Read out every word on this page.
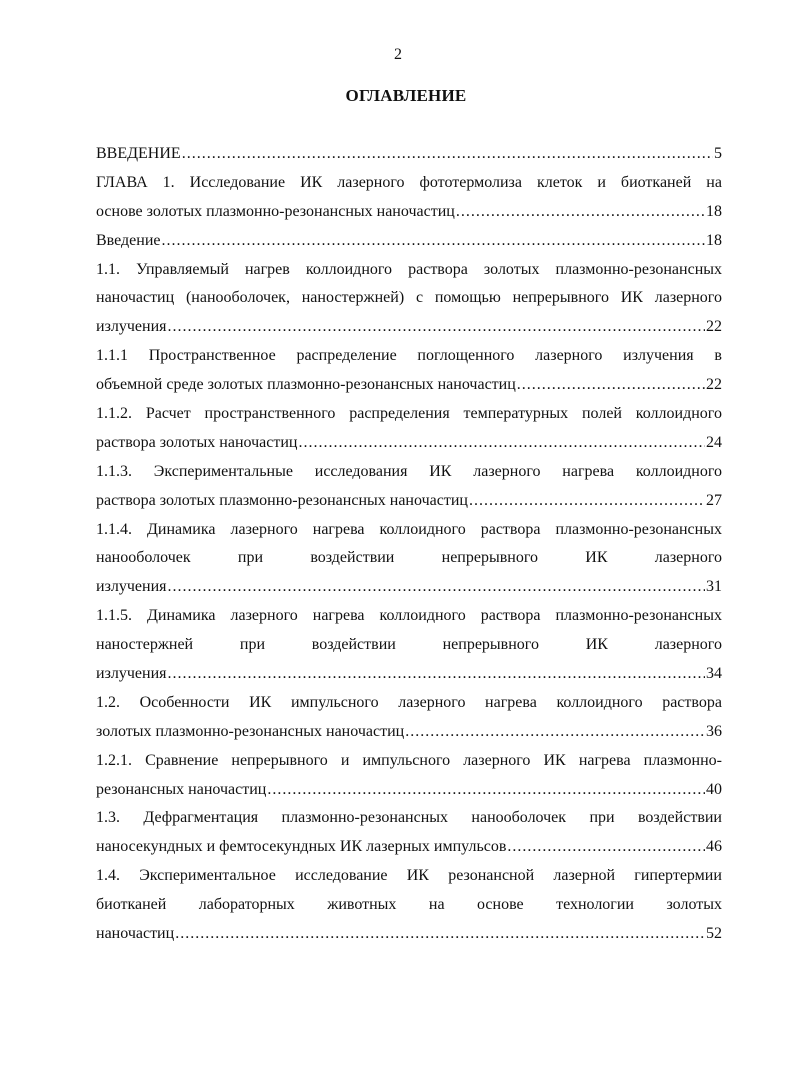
2
ОГЛАВЛЕНИЕ
ВВЕДЕНИЕ .....	5
ГЛАВА 1. Исследование ИК лазерного фототермолиза клеток и биотканей на
основе золотых плазмонно-резонансных наночастиц .....	18
Введение .....	18
1.1. Управляемый нагрев коллоидного раствора золотых плазмонно-резонансных
наночастиц (нанооболочек, наностержней) с помощью непрерывного ИК лазерного
излучения .....	22
1.1.1 Пространственное распределение поглощенного лазерного излучения в
объемной среде золотых плазмонно-резонансных наночастиц .....	22
1.1.2. Расчет пространственного распределения температурных полей коллоидного
раствора золотых наночастиц .....	24
1.1.3. Экспериментальные исследования ИК лазерного нагрева коллоидного
раствора золотых плазмонно-резонансных наночастиц .....	27
1.1.4. Динамика лазерного нагрева коллоидного раствора плазмонно-резонансных
нанооболочек	при	воздействии	непрерывного	ИК	лазерного
излучения .....	31
1.1.5. Динамика лазерного нагрева коллоидного раствора плазмонно-резонансных
наностержней	при	воздействии	непрерывного	ИК	лазерного
излучения .....	34
1.2. Особенности ИК импульсного лазерного нагрева коллоидного раствора
золотых плазмонно-резонансных наночастиц .....	36
1.2.1. Сравнение непрерывного и импульсного лазерного ИК нагрева плазмонно-
резонансных наночастиц .....	40
1.3. Дефрагментация плазмонно-резонансных нанооболочек при воздействии
наносекундных и фемтосекундных ИК лазерных импульсов .....	46
1.4. Экспериментальное исследование ИК резонансной лазерной гипертермии
биотканей лабораторных животных на основе технологии золотых
наночастиц .....	52
